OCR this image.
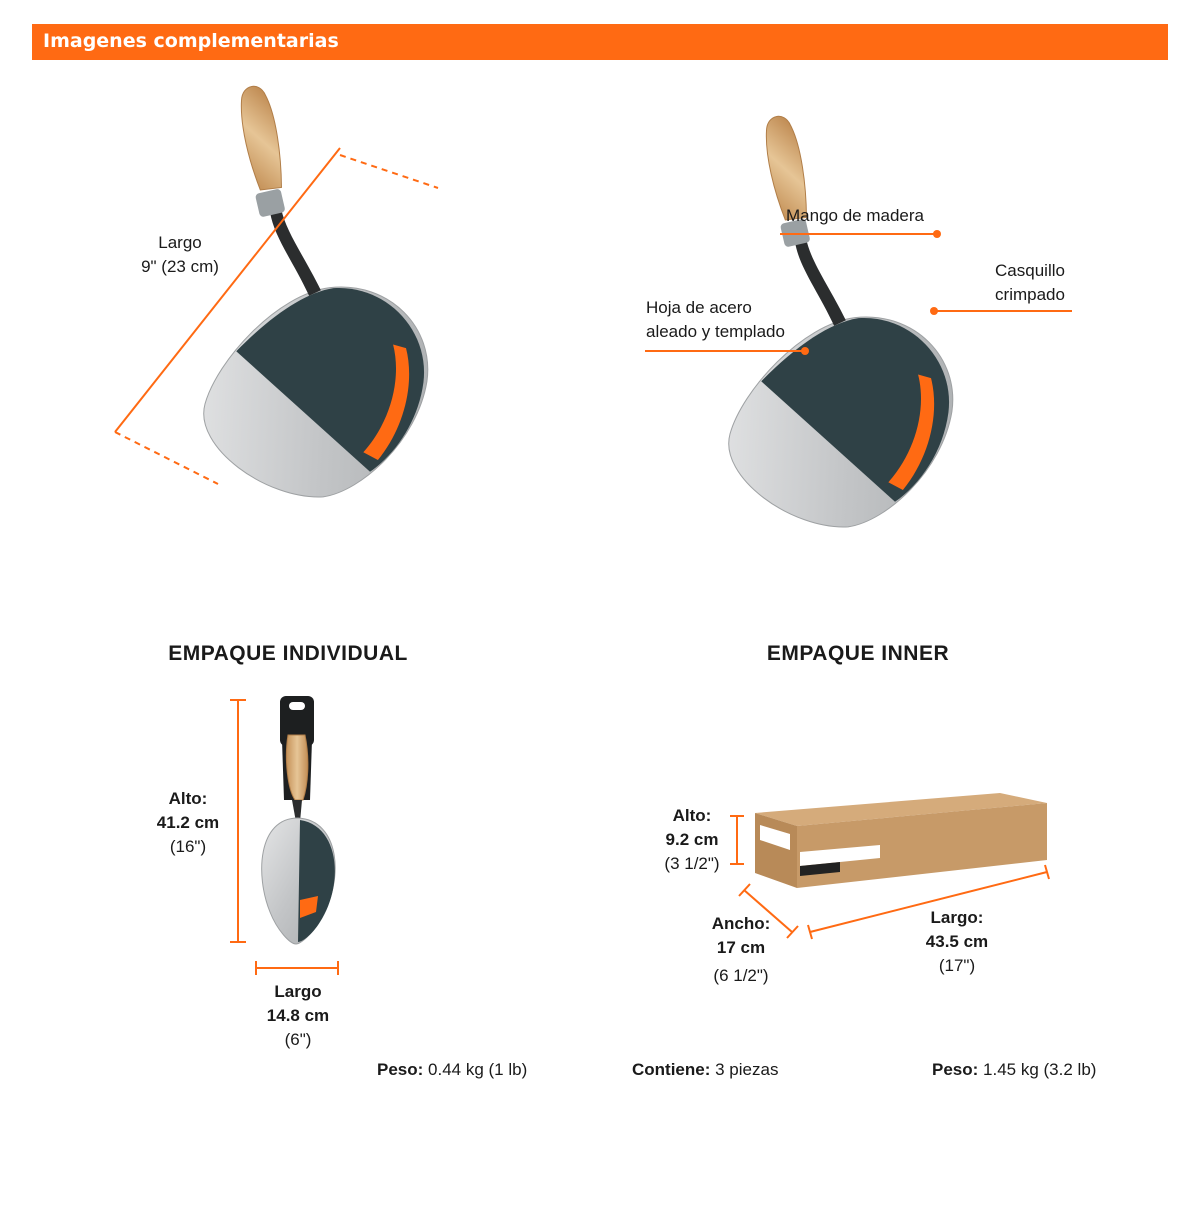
Imagenes complementarias
Largo
9" (23 cm)
Mango de madera
Casquillo
crimpado
Hoja de acero
aleado y templado
EMPAQUE INDIVIDUAL	EMPAQUE INNER
Alto:
41.2 cm
(16")
Largo
14.8 cm
(6")
Alto:
9.2 cm
(3 1/2")
Ancho:
17 cm
(6 1/2")
Largo:
43.5 cm
(17")
Peso: 0.44 kg (1 lb)	Contiene: 3 piezas	Peso: 1.45 kg (3.2 lb)
